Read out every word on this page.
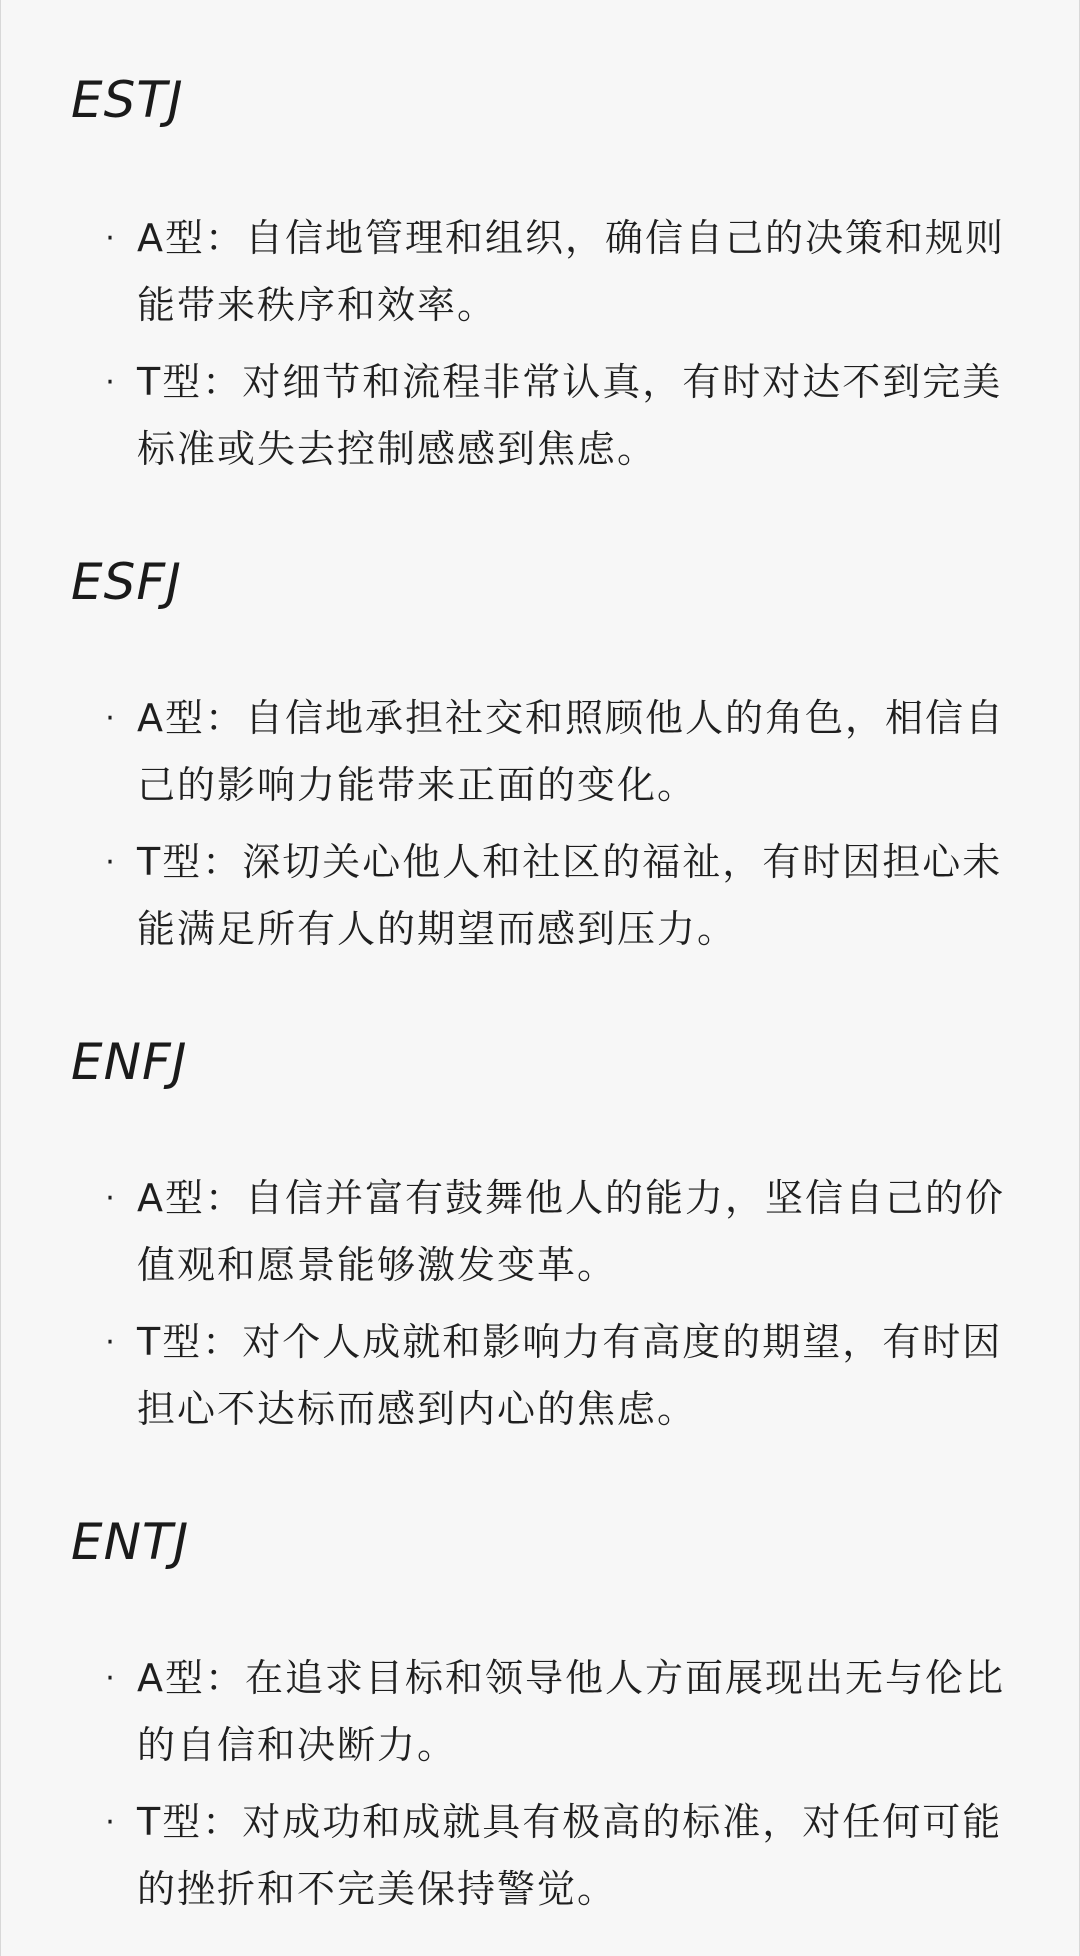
ESTJ
· A型：自信地管理和组织，确信自己的决策和规则能带来秩序和效率。
· T型：对细节和流程非常认真，有时对达不到完美标准或失去控制感感到焦虑。
ESFJ
· A型：自信地承担社交和照顾他人的角色，相信自己的影响力能带来正面的变化。
· T型：深切关心他人和社区的福祉，有时因担心未能满足所有人的期望而感到压力。
ENFJ
· A型：自信并富有鼓舞他人的能力，坚信自己的价值观和愿景能够激发变革。
· T型：对个人成就和影响力有高度的期望，有时因担心不达标而感到内心的焦虑。
ENTJ
· A型：在追求目标和领导他人方面展现出无与伦比的自信和决断力。
· T型：对成功和成就具有极高的标准，对任何可能的挫折和不完美保持警觉。
